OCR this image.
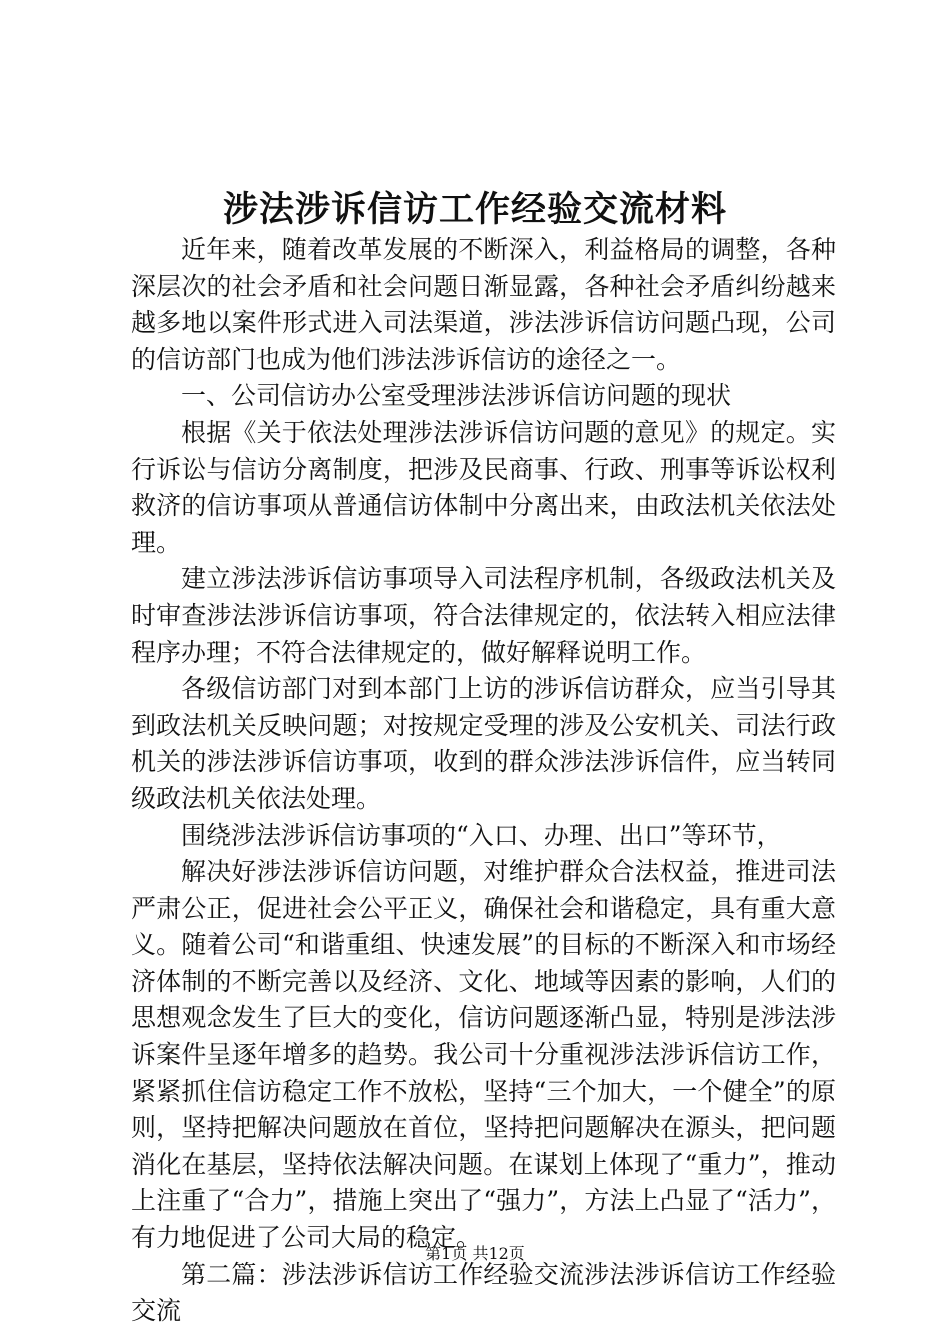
涉法涉诉信访工作经验交流材料

近年来，随着改革发展的不断深入，利益格局的调整，各种深层次的社会矛盾和社会问题日渐显露，各种社会矛盾纠纷越来越多地以案件形式进入司法渠道，涉法涉诉信访问题凸现，公司的信访部门也成为他们涉法涉诉信访的途径之一。

一、公司信访办公室受理涉法涉诉信访问题的现状

根据《关于依法处理涉法涉诉信访问题的意见》的规定。实行诉讼与信访分离制度，把涉及民商事、行政、刑事等诉讼权利救济的信访事项从普通信访体制中分离出来，由政法机关依法处理。

建立涉法涉诉信访事项导入司法程序机制，各级政法机关及时审查涉法涉诉信访事项，符合法律规定的，依法转入相应法律程序办理；不符合法律规定的，做好解释说明工作。

各级信访部门对到本部门上访的涉诉信访群众，应当引导其到政法机关反映问题；对按规定受理的涉及公安机关、司法行政机关的涉法涉诉信访事项，收到的群众涉法涉诉信件，应当转同级政法机关依法处理。

围绕涉法涉诉信访事项的“入口、办理、出口”等环节，

解决好涉法涉诉信访问题，对维护群众合法权益，推进司法严肃公正，促进社会公平正义，确保社会和谐稳定，具有重大意义。随着公司“和谐重组、快速发展”的目标的不断深入和市场经济体制的不断完善以及经济、文化、地域等因素的影响，人们的思想观念发生了巨大的变化，信访问题逐渐凸显，特别是涉法涉诉案件呈逐年增多的趋势。我公司十分重视涉法涉诉信访工作，紧紧抓住信访稳定工作不放松，坚持“三个加大，一个健全”的原则，坚持把解决问题放在首位，坚持把问题解决在源头，把问题消化在基层，坚持依法解决问题。在谋划上体现了“重力”，推动上注重了“合力”，措施上突出了“强力”，方法上凸显了“活力”，有力地促进了公司大局的稳定。

第二篇：涉法涉诉信访工作经验交流涉法涉诉信访工作经验交流

第1页 共12页
